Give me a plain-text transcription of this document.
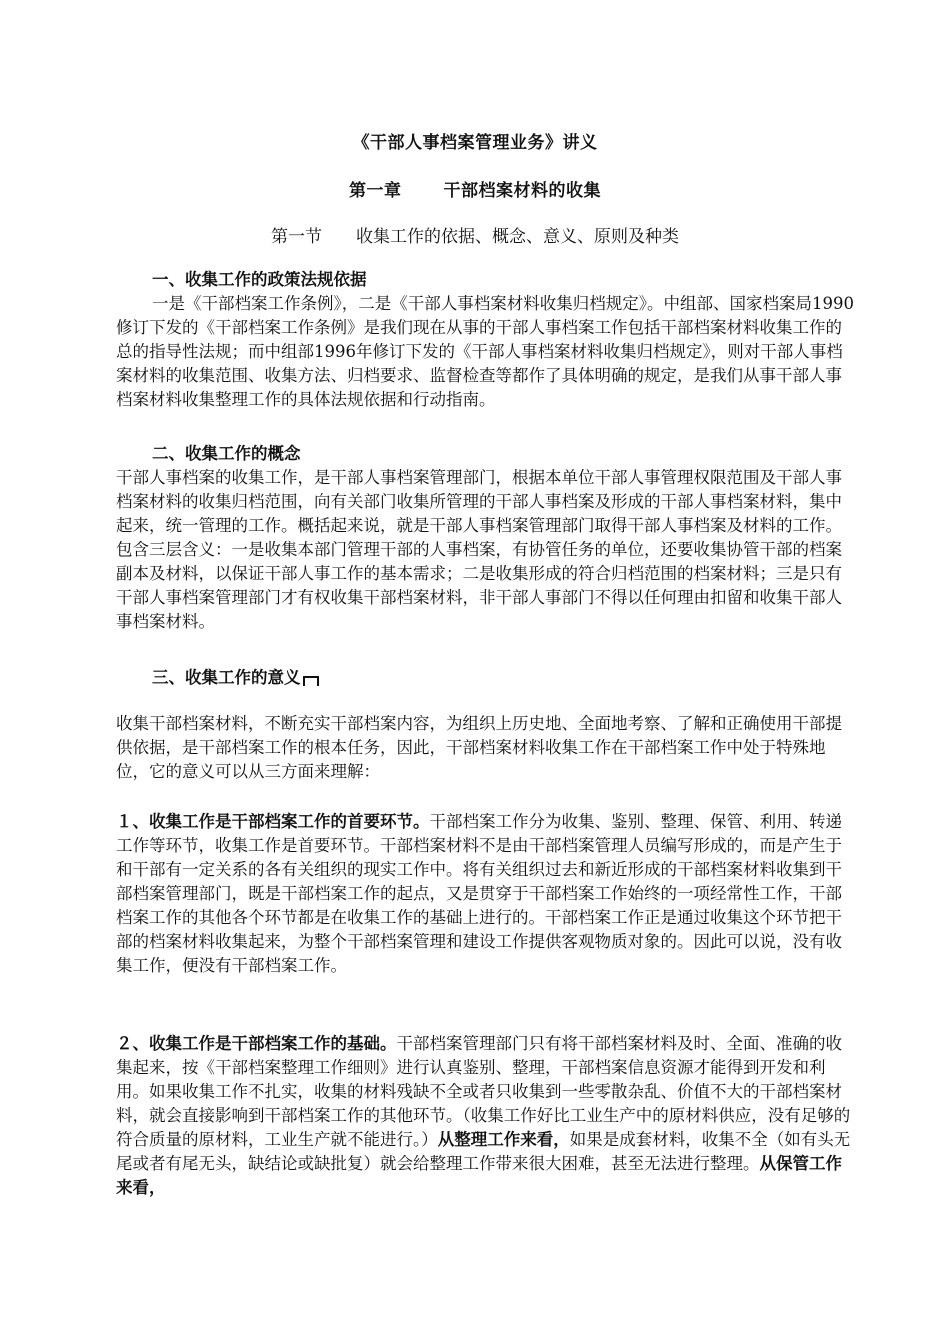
《干部人事档案管理业务》讲义
第一章 干部档案材料的收集
第一节 收集工作的依据、概念、意义、原则及种类
一、收集工作的政策法规依据
一是《干部档案工作条例》，二是《干部人事档案材料收集归档规定》。中组部、国家档案局1990修订下发的《干部档案工作条例》是我们现在从事的干部人事档案工作包括干部档案材料收集工作的总的指导性法规；而中组部1996年修订下发的《干部人事档案材料收集归档规定》，则对干部人事档案材料的收集范围、收集方法、归档要求、监督检查等都作了具体明确的规定，是我们从事干部人事档案材料收集整理工作的具体法规依据和行动指南。
二、收集工作的概念
干部人事档案的收集工作，是干部人事档案管理部门，根据本单位干部人事管理权限范围及干部人事档案材料的收集归档范围，向有关部门收集所管理的干部人事档案及形成的干部人事档案材料，集中起来，统一管理的工作。概括起来说，就是干部人事档案管理部门取得干部人事档案及材料的工作。包含三层含义：一是收集本部门管理干部的人事档案，有协管任务的单位，还要收集协管干部的档案副本及材料，以保证干部人事工作的基本需求；二是收集形成的符合归档范围的档案材料；三是只有干部人事档案管理部门才有权收集干部档案材料，非干部人事部门不得以任何理由扣留和收集干部人事档案材料。
三、收集工作的意义
收集干部档案材料，不断充实干部档案内容，为组织上历史地、全面地考察、了解和正确使用干部提供依据，是干部档案工作的根本任务，因此，干部档案材料收集工作在干部档案工作中处于特殊地位，它的意义可以从三方面来理解：
１、收集工作是干部档案工作的首要环节。干部档案工作分为收集、鉴别、整理、保管、利用、转递工作等环节，收集工作是首要环节。干部档案材料不是由干部档案管理人员编写形成的，而是产生于和干部有一定关系的各有关组织的现实工作中。将有关组织过去和新近形成的干部档案材料收集到干部档案管理部门，既是干部档案工作的起点，又是贯穿于干部档案工作始终的一项经常性工作，干部档案工作的其他各个环节都是在收集工作的基础上进行的。干部档案工作正是通过收集这个环节把干部的档案材料收集起来，为整个干部档案管理和建设工作提供客观物质对象的。因此可以说，没有收集工作，便没有干部档案工作。
２、收集工作是干部档案工作的基础。干部档案管理部门只有将干部档案材料及时、全面、准确的收集起来，按《干部档案整理工作细则》进行认真鉴别、整理，干部档案信息资源才能得到开发和利用。如果收集工作不扎实，收集的材料残缺不全或者只收集到一些零散杂乱、价值不大的干部档案材料，就会直接影响到干部档案工作的其他环节。（收集工作好比工业生产中的原材料供应，没有足够的符合质量的原材料，工业生产就不能进行。）从整理工作来看，如果是成套材料，收集不全（如有头无尾或者有尾无头，缺结论或缺批复）就会给整理工作带来很大困难，甚至无法进行整理。从保管工作来看，
